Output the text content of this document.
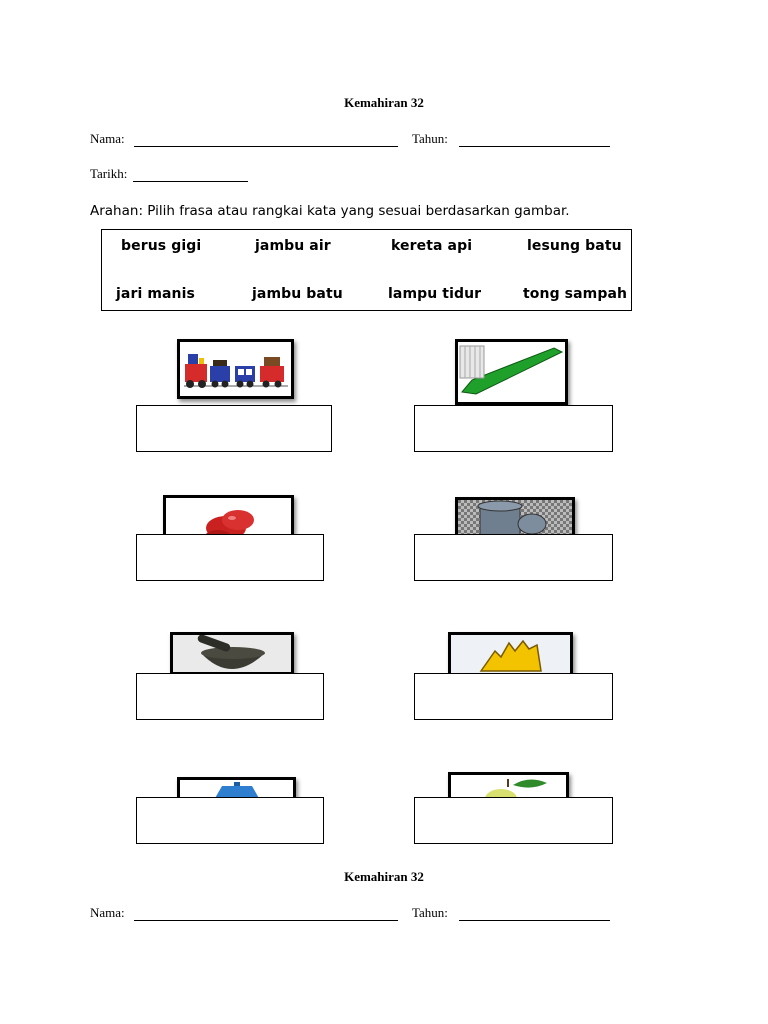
Kemahiran 32
Nama:	Tahun:
Tarikh:
Arahan: Pilih frasa atau rangkai kata yang sesuai berdasarkan gambar.
berus gigi	jambu air	kereta api	lesung batu
jari manis	jambu batu	lampu tidur	tong sampah
Kemahiran 32
Nama:	Tahun:
